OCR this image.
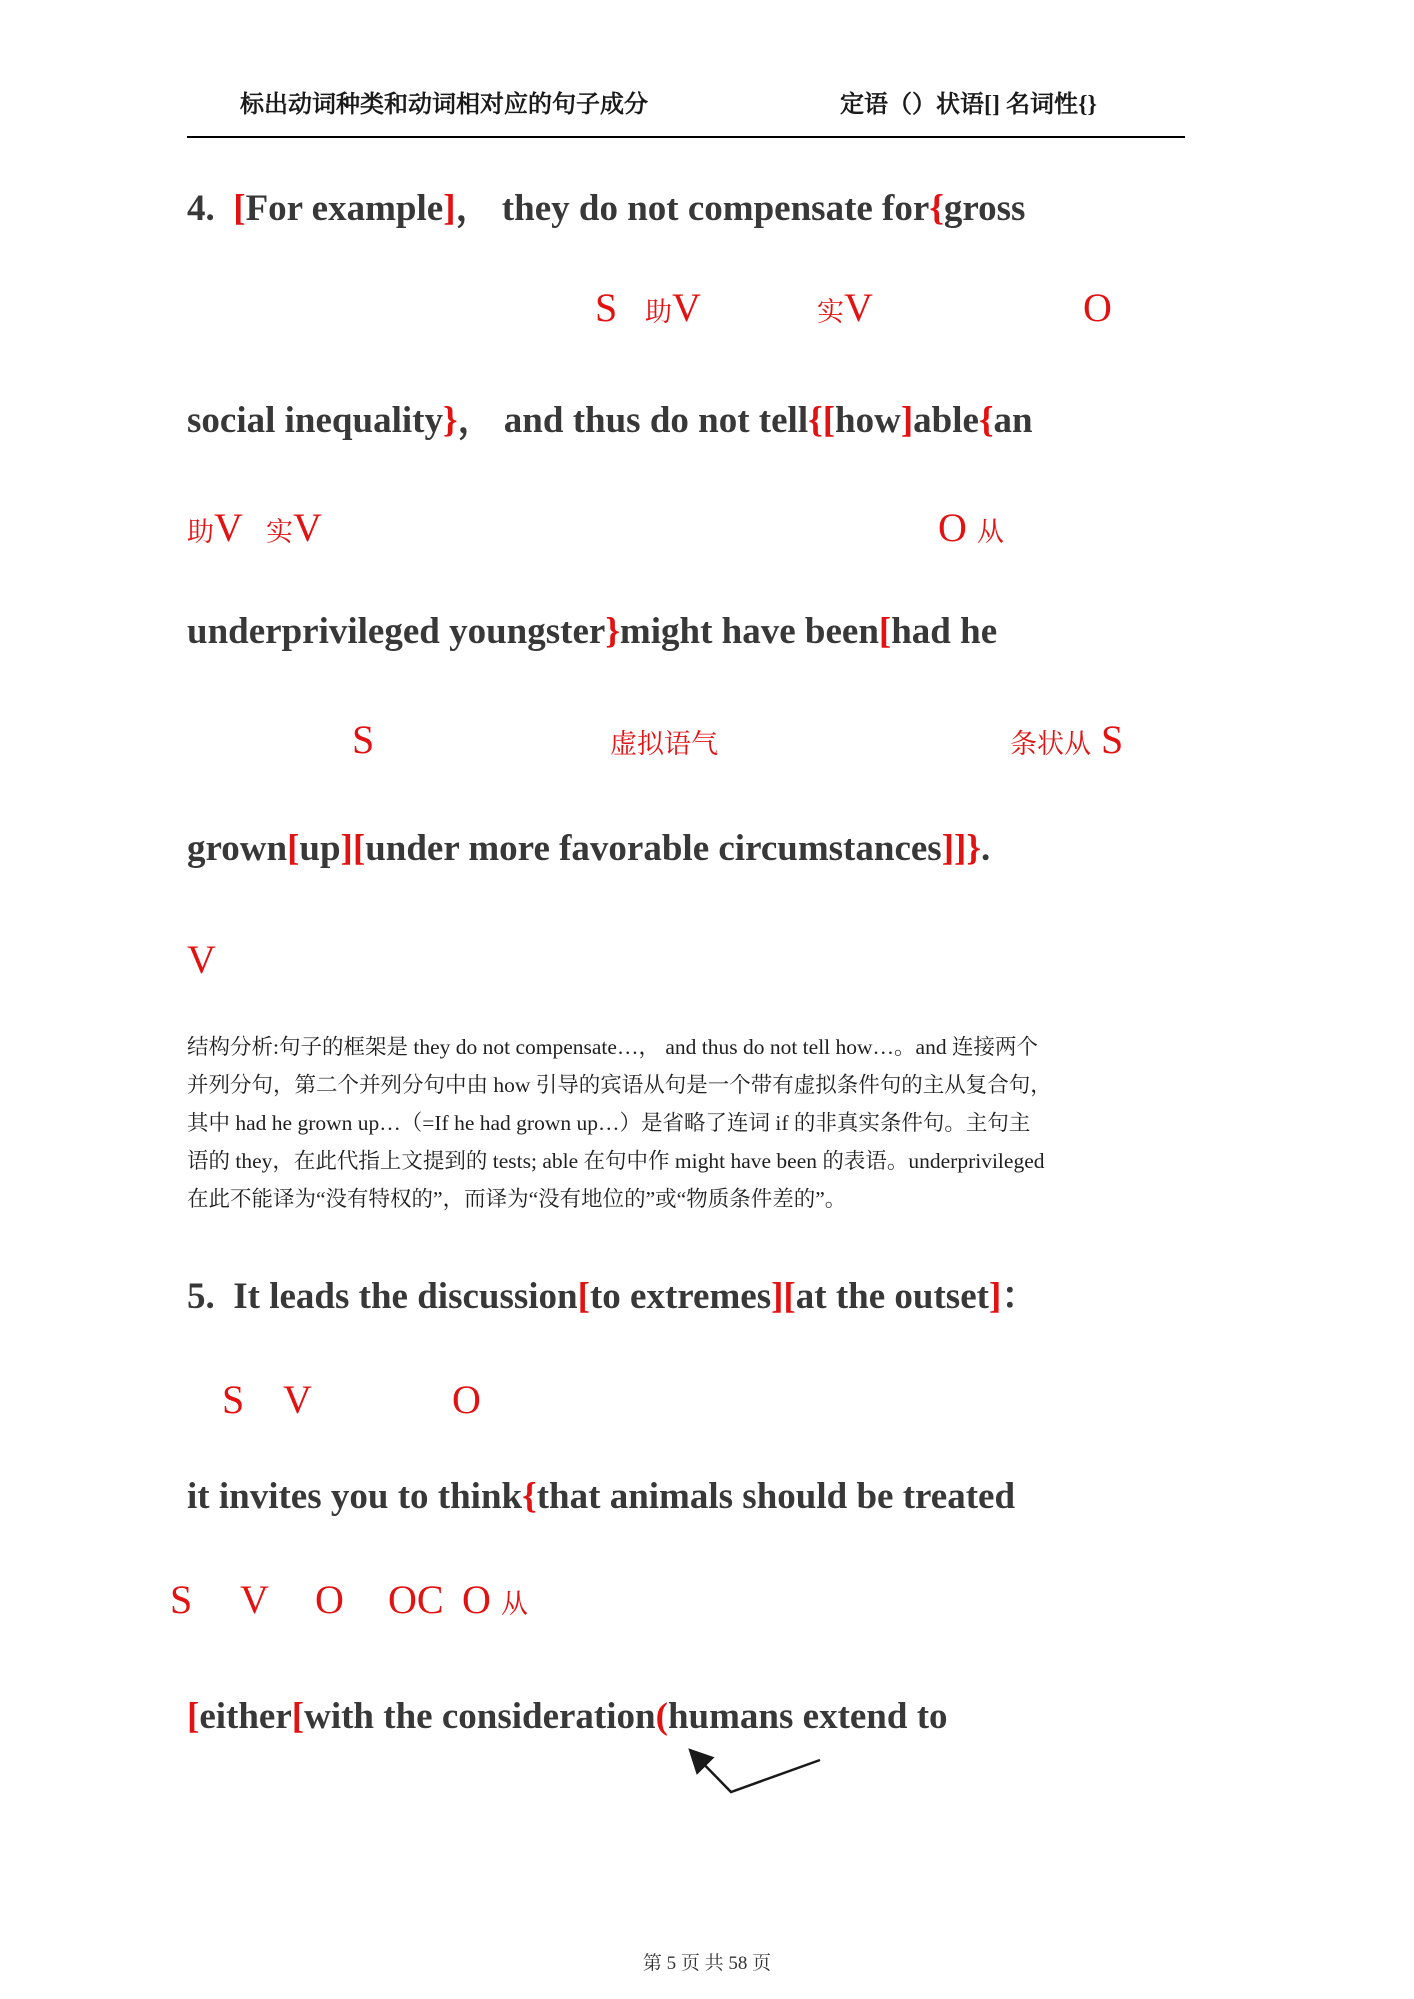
标出动词种类和动词相对应的句子成分	定语（）状语[] 名词性{}
第 5 页 共 58 页
4.  [For example]， they do not compensate for{gross
S 助V	实V	O
social inequality}， and thus do not tell{[how]able{an
助V 实V	O 从
underprivileged youngster}might have been[had he
S	虚拟语气	条状从 S
grown[up][under more favorable circumstances]]}.
V
结构分析:句子的框架是 they do not compensate…， and thus do not tell how…。and 连接两个
并列分句，第二个并列分句中由 how 引导的宾语从句是一个带有虚拟条件句的主从复合句，
其中 had he grown up…（=If he had grown up…）是省略了连词 if 的非真实条件句。主句主
语的 they，在此代指上文提到的 tests; able 在句中作 might have been 的表语。underprivileged
在此不能译为“没有特权的”，而译为“没有地位的”或“物质条件差的”。
5.  It leads the discussion[to extremes][at the outset]：
S V	O
it invites you to think{that animals should be treated
S V O OC O 从
[either[with the consideration(humans extend to
